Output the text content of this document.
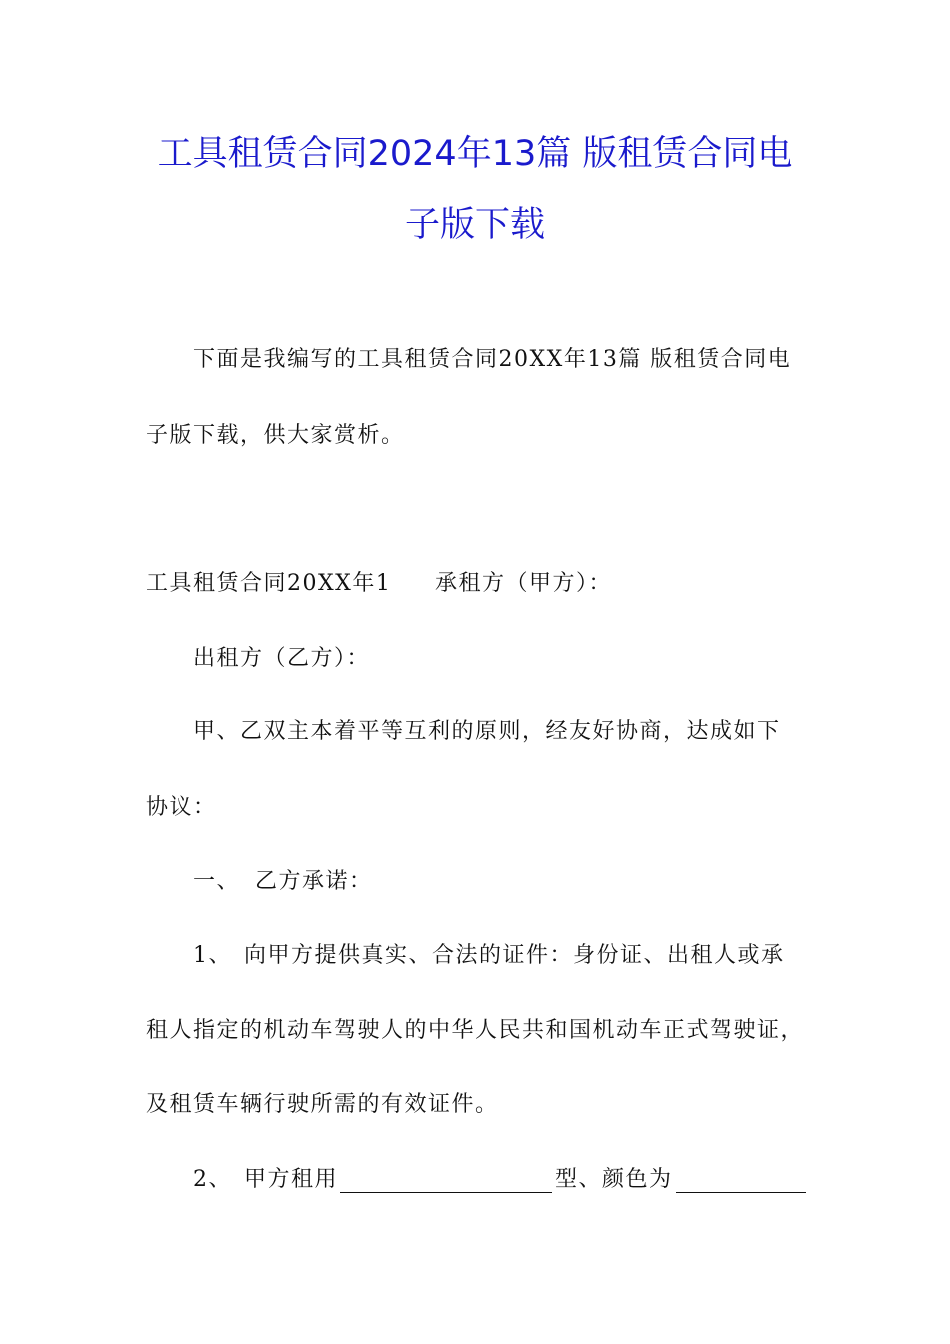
工具租赁合同2024年13篇 版租赁合同电
子版下载
下面是我编写的工具租赁合同20XX年13篇 版租赁合同电
子版下载，供大家赏析。
工具租赁合同20XX年1 承租方（甲方）：
出租方（乙方）：
甲、乙双主本着平等互利的原则，经友好协商，达成如下
协议：
一、 乙方承诺：
1、 向甲方提供真实、合法的证件：身份证、出租人或承
租人指定的机动车驾驶人的中华人民共和国机动车正式驾驶证，
及租赁车辆行驶所需的有效证件。
2、 甲方租用	型、颜色为
